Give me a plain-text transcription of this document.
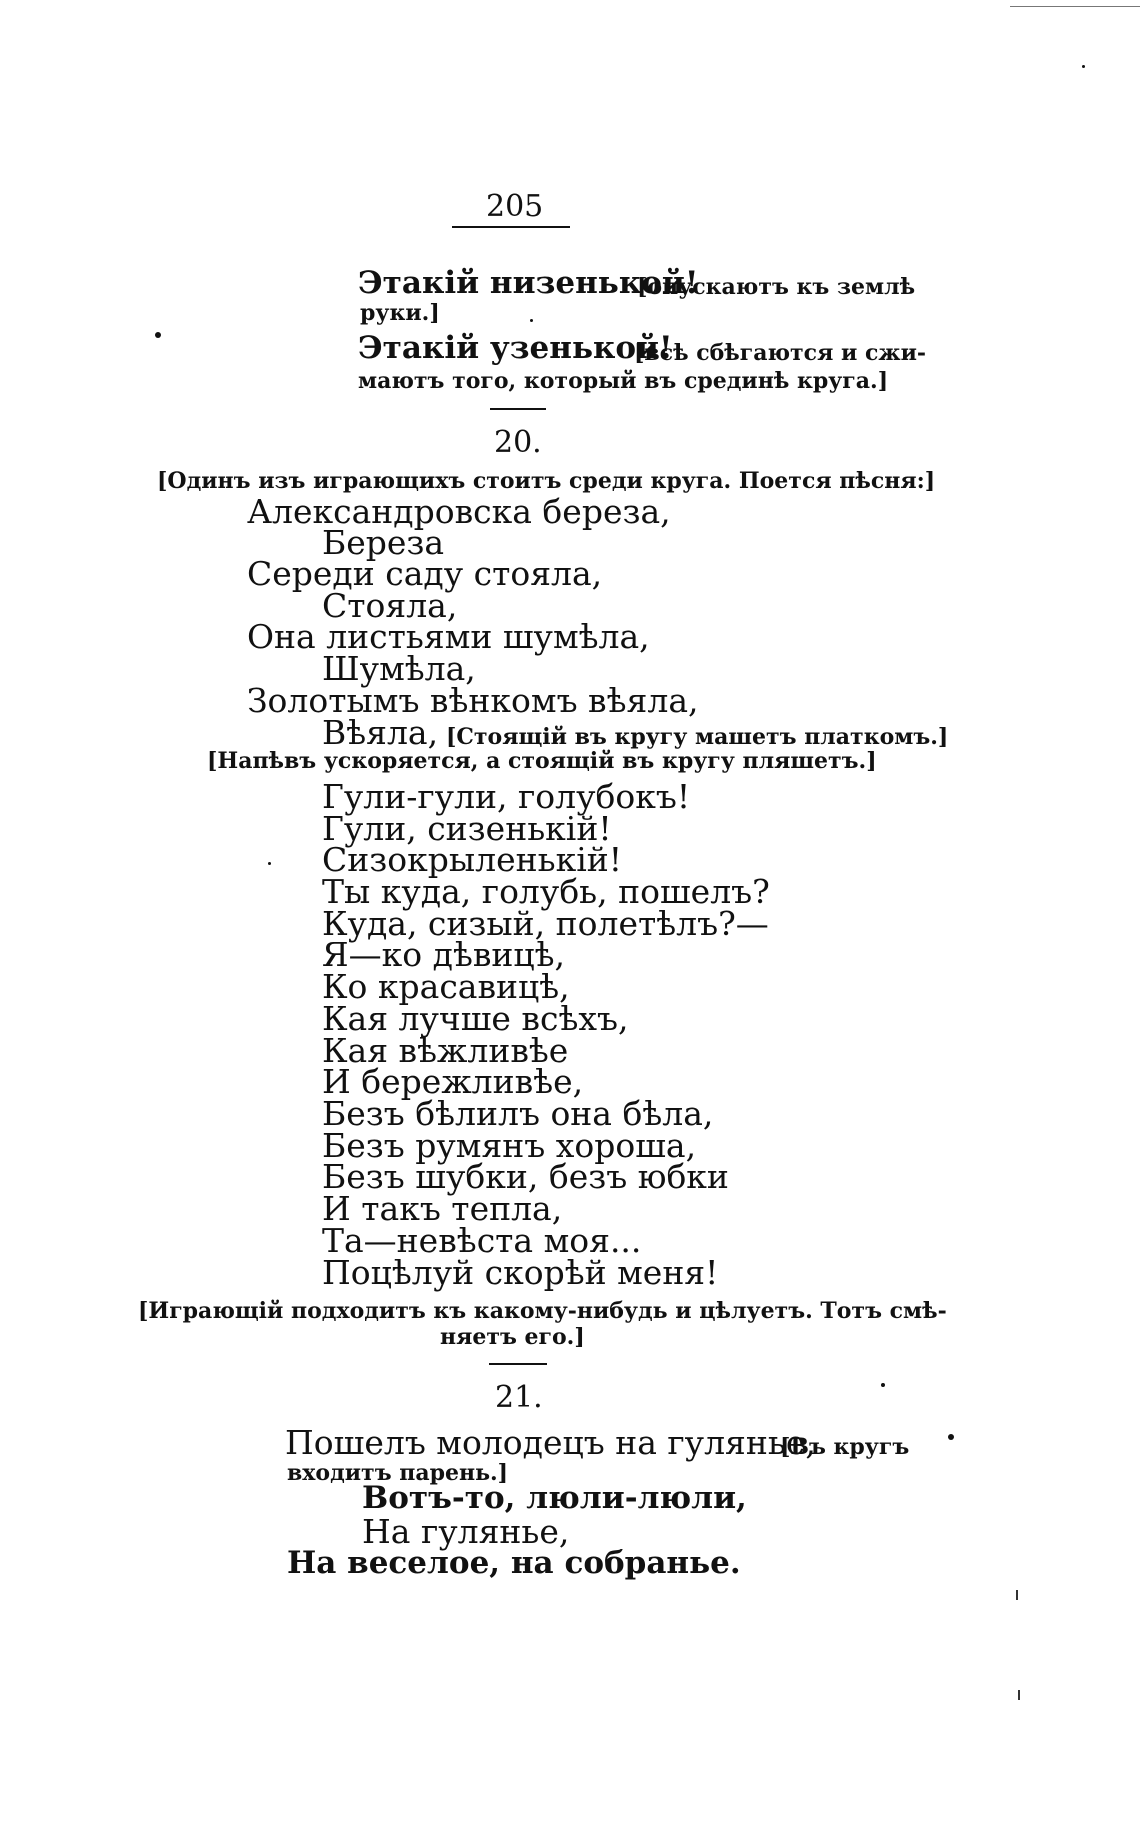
205
Этакій низенькой!
[опускаютъ къ землѣ
руки.]
Этакій узенькой!
[всѣ сбѣгаются и сжи-
маютъ того, который въ срединѣ круга.]
20.
[Одинъ изъ играющихъ стоитъ среди круга. Поется пѣсня:]
Александровска береза,
Береза
Середи саду стояла,
Стояла,
Она листьями шумѣла,
Шумѣла,
Золотымъ вѣнкомъ вѣяла,
Вѣяла, [Стоящій въ кругу машетъ платкомъ.]
[Напѣвъ ускоряется, а стоящій въ кругу пляшетъ.]
Гули-гули, голубокъ!
Гули, сизенькій!
Сизокрыленькій!
Ты куда, голубь, пошелъ?
Куда, сизый, полетѣлъ?—
Я—ко дѣвицѣ,
Ко красавицѣ,
Кая лучше всѣхъ,
Кая вѣжливѣе
И бережливѣе,
Безъ бѣлилъ она бѣла,
Безъ румянъ хороша,
Безъ шубки, безъ юбки
И такъ тепла,
Та—невѣста моя...
Поцѣлуй скорѣй меня!
[Играющій подходитъ къ какому-нибудь и цѣлуетъ. Тотъ смѣ-
няетъ его.]
21.
Пошелъ молодецъ на гулянье,
[Въ кругъ
входитъ парень.]
Вотъ-то, люли-люли,
На гулянье,
На веселое, на собранье.
